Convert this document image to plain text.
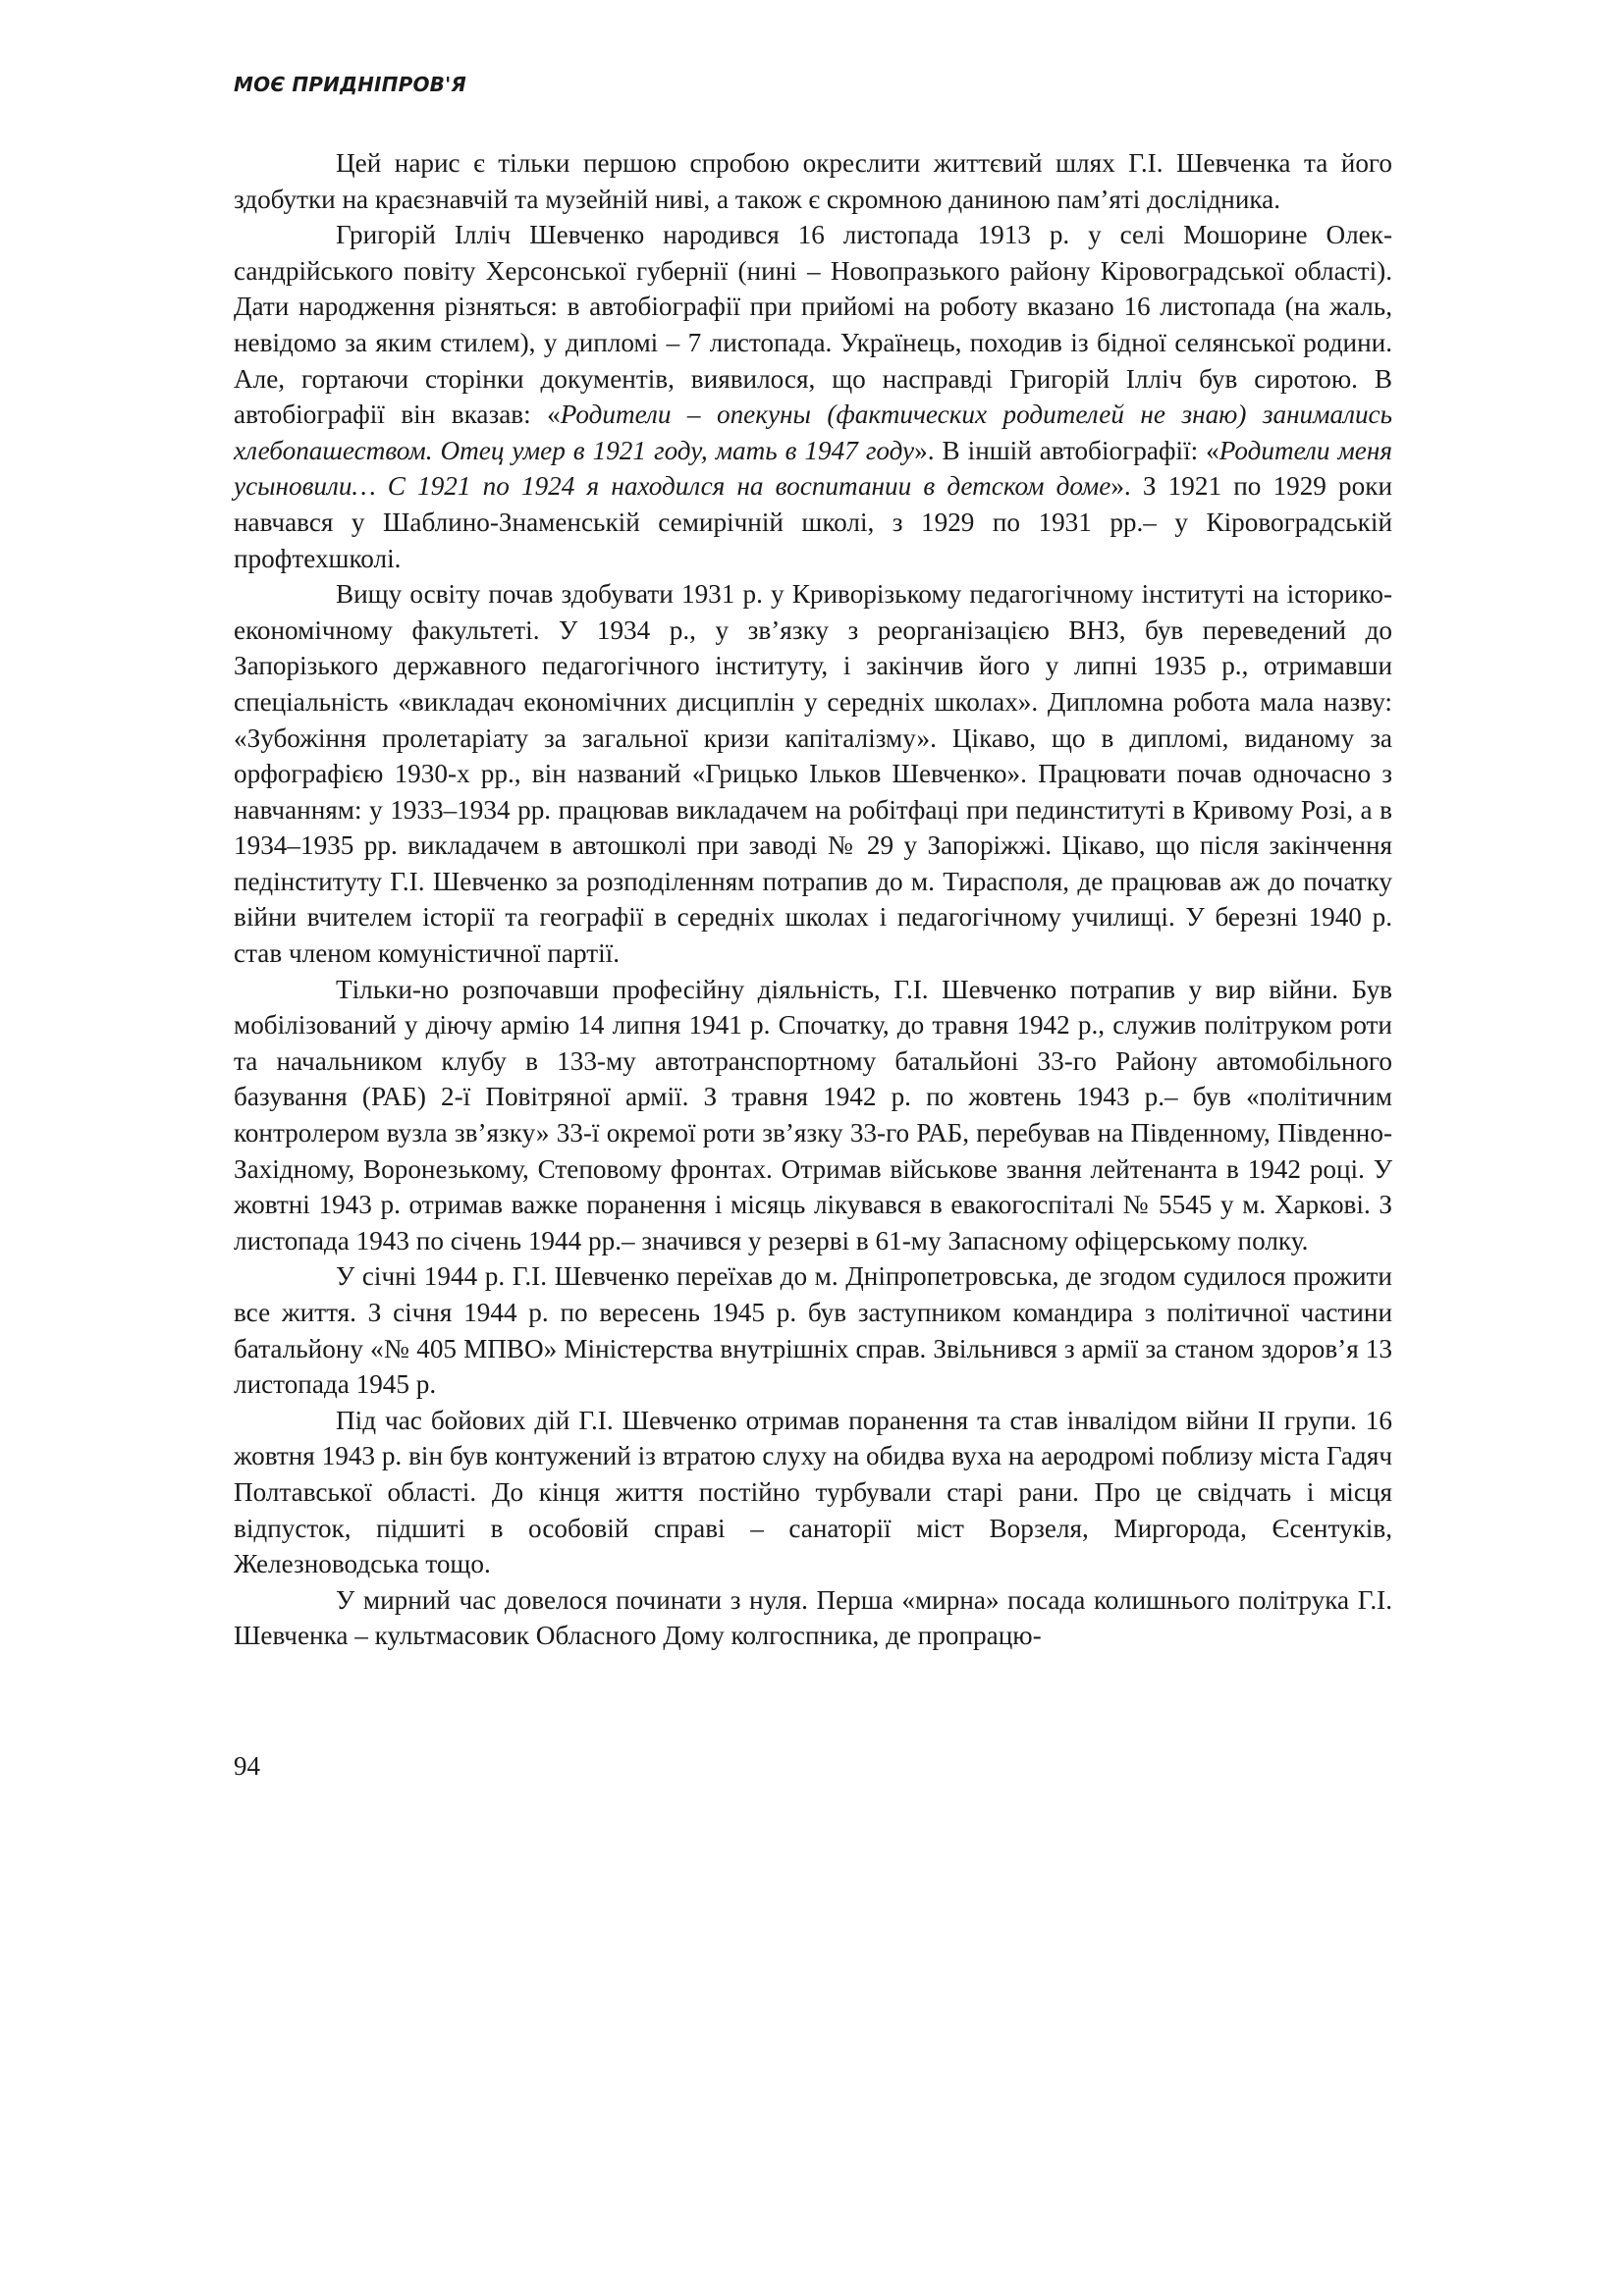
МОЄ ПРИДНІПРОВ'Я

Цей нарис є тільки першою спробою окреслити життєвий шлях Г.І. Шевченка та його здобутки на краєзнавчій та музейній ниві, а також є скромною даниною пам’яті дослідника.

Григорій Ілліч Шевченко народився 16 листопада 1913 р. у селі Мошорине Олександрійського повіту Херсонської губернії (нині – Новопразького району Кіровоградської області). Дати народження різняться: в автобіографії при прийомі на роботу вказано 16 листопада (на жаль, невідомо за яким стилем), у дипломі – 7 листопада. Українець, походив із бідної селянської родини. Але, гортаючи сторінки документів, виявилося, що насправді Григорій Ілліч був сиротою. В автобіографії він вказав: «Родители – опекуны (фактических родителей не знаю) занимались хлебопашеством. Отец умер в 1921 году, мать в 1947 году». В іншій автобіографії: «Родители меня усыновили… С 1921 по 1924 я находился на воспитании в детском доме». З 1921 по 1929 роки навчався у Шаблино-Знаменській семирічній школі, з 1929 по 1931 рр.– у Кіровоградській профтехшколі.

Вищу освіту почав здобувати 1931 р. у Криворізькому педагогічному інституті на історико-економічному факультеті. У 1934 р., у зв’язку з реорганізацією ВНЗ, був переведений до Запорізького державного педагогічного інституту, і закінчив його у липні 1935 р., отримавши спеціальність «викладач економічних дисциплін у середніх школах». Дипломна робота мала назву: «Зубожіння пролетаріату за загальної кризи капіталізму». Цікаво, що в дипломі, виданому за орфографією 1930-х рр., він названий «Грицько Ільков Шевченко». Працювати почав одночасно з навчанням: у 1933–1934 рр. працював викладачем на робітфаці при пединституті в Кривому Розі, а в 1934–1935 рр. викладачем в автошколі при заводі № 29 у Запоріжжі. Цікаво, що після закінчення педінституту Г.І. Шевченко за розподіленням потрапив до м. Тирасполя, де працював аж до початку війни вчителем історії та географії в середніх школах і педагогічному училищі. У березні 1940 р. став членом комуністичної партії.

Тільки-но розпочавши професійну діяльність, Г.І. Шевченко потрапив у вир війни. Був мобілізований у діючу армію 14 липня 1941 р. Спочатку, до травня 1942 р., служив політруком роти та начальником клубу в 133-му автотранспортному батальйоні 33-го Району автомобільного базування (РАБ) 2-ї Повітряної армії. З травня 1942 р. по жовтень 1943 р.– був «політичним контролером вузла зв’язку» 33-ї окремої роти зв’язку 33-го РАБ, перебував на Південному, Південно-Західному, Воронезькому, Степовому фронтах. Отримав військове звання лейтенанта в 1942 році. У жовтні 1943 р. отримав важке поранення і місяць лікувався в евакогоспіталі № 5545 у м. Харкові. З листопада 1943 по січень 1944 рр.– значився у резерві в 61-му Запасному офіцерському полку.

У січні 1944 р. Г.І. Шевченко переїхав до м. Дніпропетровська, де згодом судилося прожити все життя. З січня 1944 р. по вересень 1945 р. був заступником командира з політичної частини батальйону «№ 405 МПВО» Міністерства внутрішніх справ. Звільнився з армії за станом здоров’я 13 листопада 1945 р.

Під час бойових дій Г.І. Шевченко отримав поранення та став інвалідом війни ІІ групи. 16 жовтня 1943 р. він був контужений із втратою слуху на обидва вуха на аеродромі поблизу міста Гадяч Полтавської області. До кінця життя постійно турбували старі рани. Про це свідчать і місця відпусток, підшиті в особовій справі – санаторії міст Ворзеля, Миргорода, Єсентуків, Железноводська тощо.

У мирний час довелося починати з нуля. Перша «мирна» посада колишнього політрука Г.І. Шевченка – культмасовик Обласного Дому колгоспника, де пропрацю-

94
